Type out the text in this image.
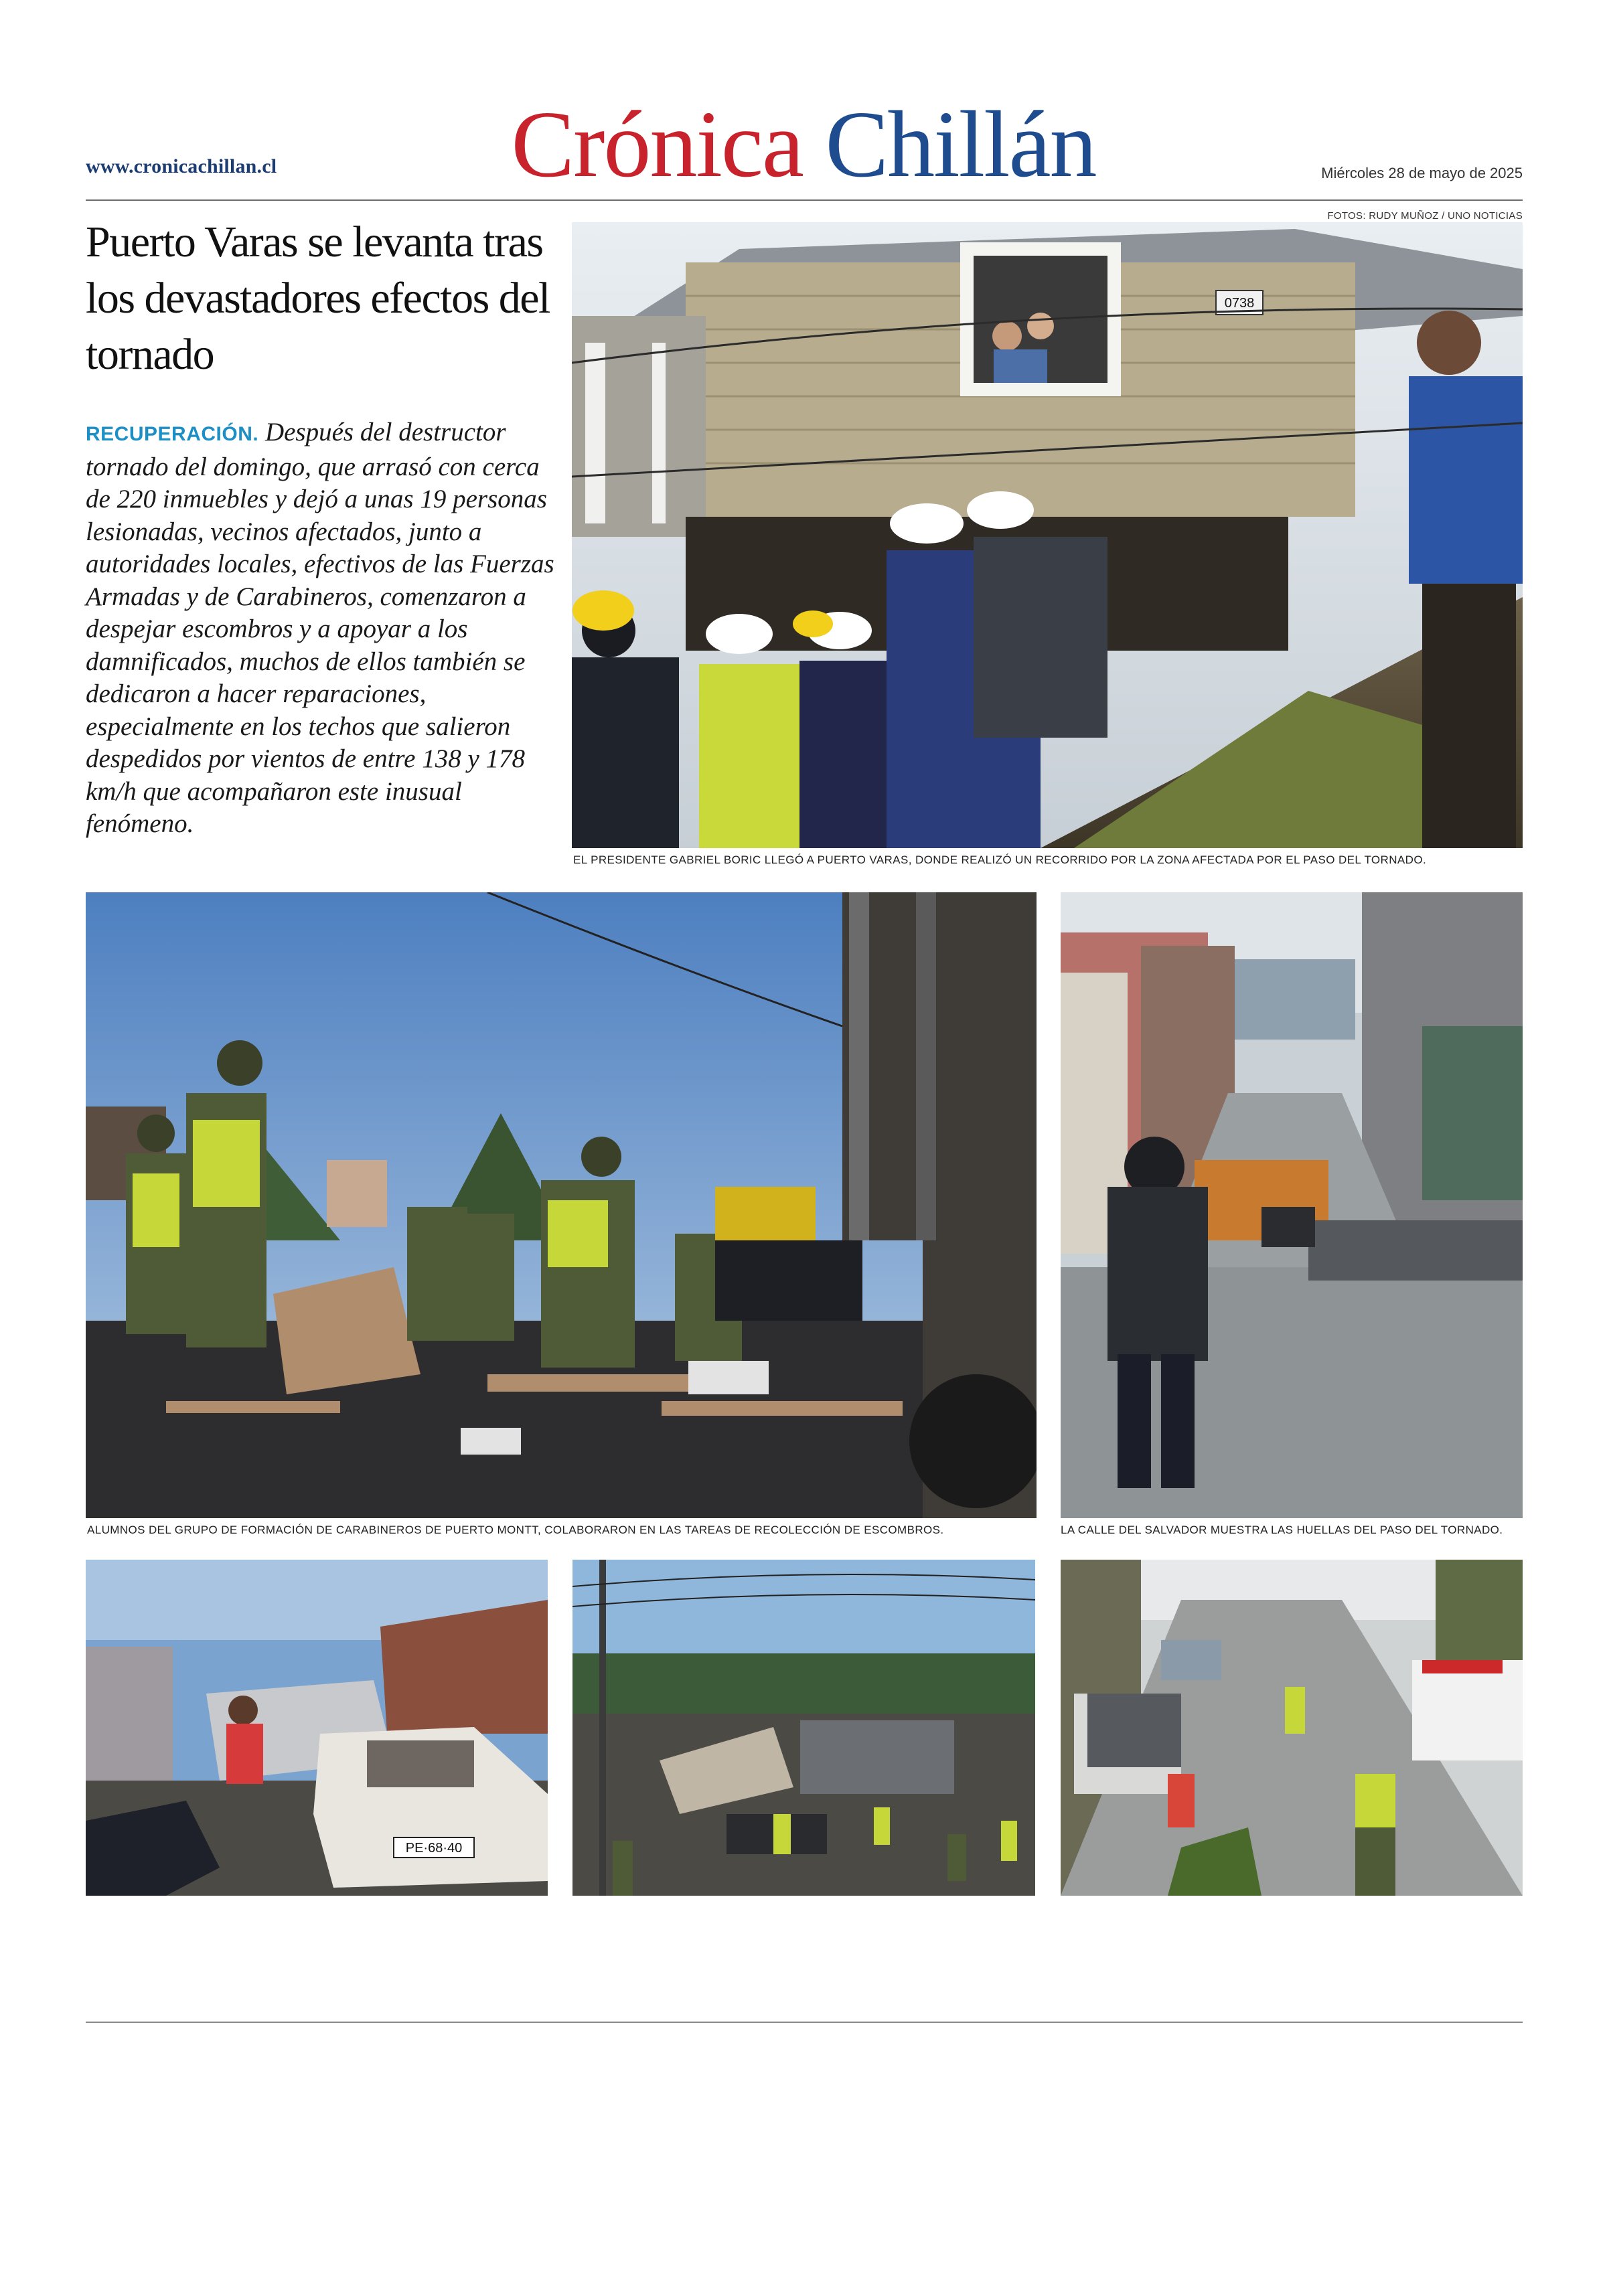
www.cronicachillan.cl	Crónica Chillán	Miércoles 28 de mayo de 2025
FOTOS: RUDY MUÑOZ / UNO NOTICIAS
Puerto Varas se levanta tras los devastadores efectos del tornado

RECUPERACIÓN. Después del destructor tornado del domingo, que arrasó con cerca de 220 inmuebles y dejó a unas 19 personas lesionadas, vecinos afectados, junto a autoridades locales, efectivos de las Fuerzas Armadas y de Carabineros, comenzaron a despejar escombros y a apoyar a los damnificados, muchos de ellos también se dedicaron a hacer reparaciones, especialmente en los techos que salieron despedidos por vientos de entre 138 y 178 km/h que acompañaron este inusual fenómeno.

0738
EL PRESIDENTE GABRIEL BORIC LLEGÓ A PUERTO VARAS, DONDE REALIZÓ UN RECORRIDO POR LA ZONA AFECTADA POR EL PASO DEL TORNADO.
ALUMNOS DEL GRUPO DE FORMACIÓN DE CARABINEROS DE PUERTO MONTT, COLABORARON EN LAS TAREAS DE RECOLECCIÓN DE ESCOMBROS.	LA CALLE DEL SALVADOR MUESTRA LAS HUELLAS DEL PASO DEL TORNADO.
PE·68·40
